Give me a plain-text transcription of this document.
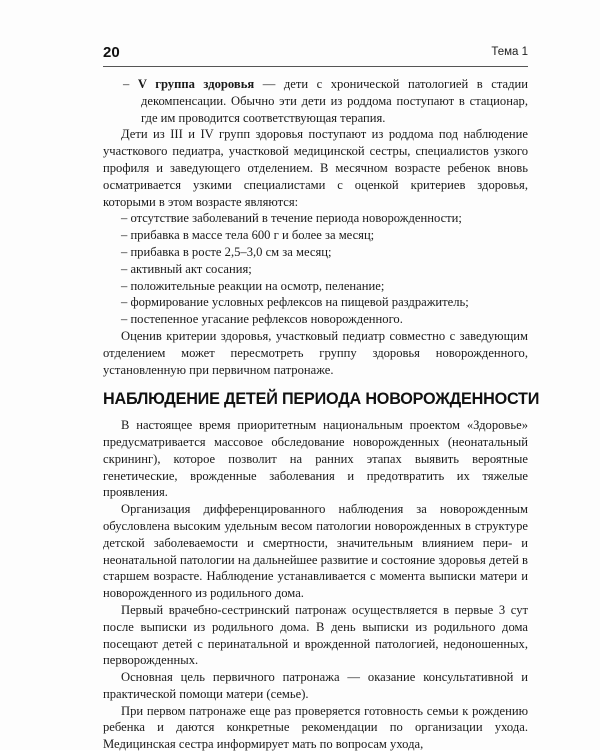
20	Тема 1

– V группа здоровья — дети с хронической патологией в стадии декомпенсации. Обычно эти дети из роддома поступают в стационар, где им проводится соответствующая терапия.

Дети из III и IV групп здоровья поступают из роддома под наблюдение участкового педиатра, участковой медицинской сестры, специалистов узкого профиля и заведующего отделением. В месячном возрасте ребенок вновь осматривается узкими специалистами с оценкой критериев здоровья, которыми в этом возрасте являются:

– отсутствие заболеваний в течение периода новорожденности;
– прибавка в массе тела 600 г и более за месяц;
– прибавка в росте 2,5–3,0 см за месяц;
– активный акт сосания;
– положительные реакции на осмотр, пеленание;
– формирование условных рефлексов на пищевой раздражитель;
– постепенное угасание рефлексов новорожденного.

Оценив критерии здоровья, участковый педиатр совместно с заведующим отделением может пересмотреть группу здоровья новорожденного, установленную при первичном патронаже.

НАБЛЮДЕНИЕ ДЕТЕЙ ПЕРИОДА НОВОРОЖДЕННОСТИ

В настоящее время приоритетным национальным проектом «Здоровье» предусматривается массовое обследование новорожденных (неонатальный скрининг), которое позволит на ранних этапах выявить вероятные генетические, врожденные заболевания и предотвратить их тяжелые проявления.

Организация дифференцированного наблюдения за новорожденным обусловлена высоким удельным весом патологии новорожденных в структуре детской заболеваемости и смертности, значительным влиянием пери- и неонатальной патологии на дальнейшее развитие и состояние здоровья детей в старшем возрасте. Наблюдение устанавливается с момента выписки матери и новорожденного из родильного дома.

Первый врачебно-сестринский патронаж осуществляется в первые 3 сут после выписки из родильного дома. В день выписки из родильного дома посещают детей с перинатальной и врожденной патологией, недоношенных, перворожденных.

Основная цель первичного патронажа — оказание консультативной и практической помощи матери (семье).

При первом патронаже еще раз проверяется готовность семьи к рождению ребенка и даются конкретные рекомендации по организации ухода. Медицинская сестра информирует мать по вопросам ухода,
